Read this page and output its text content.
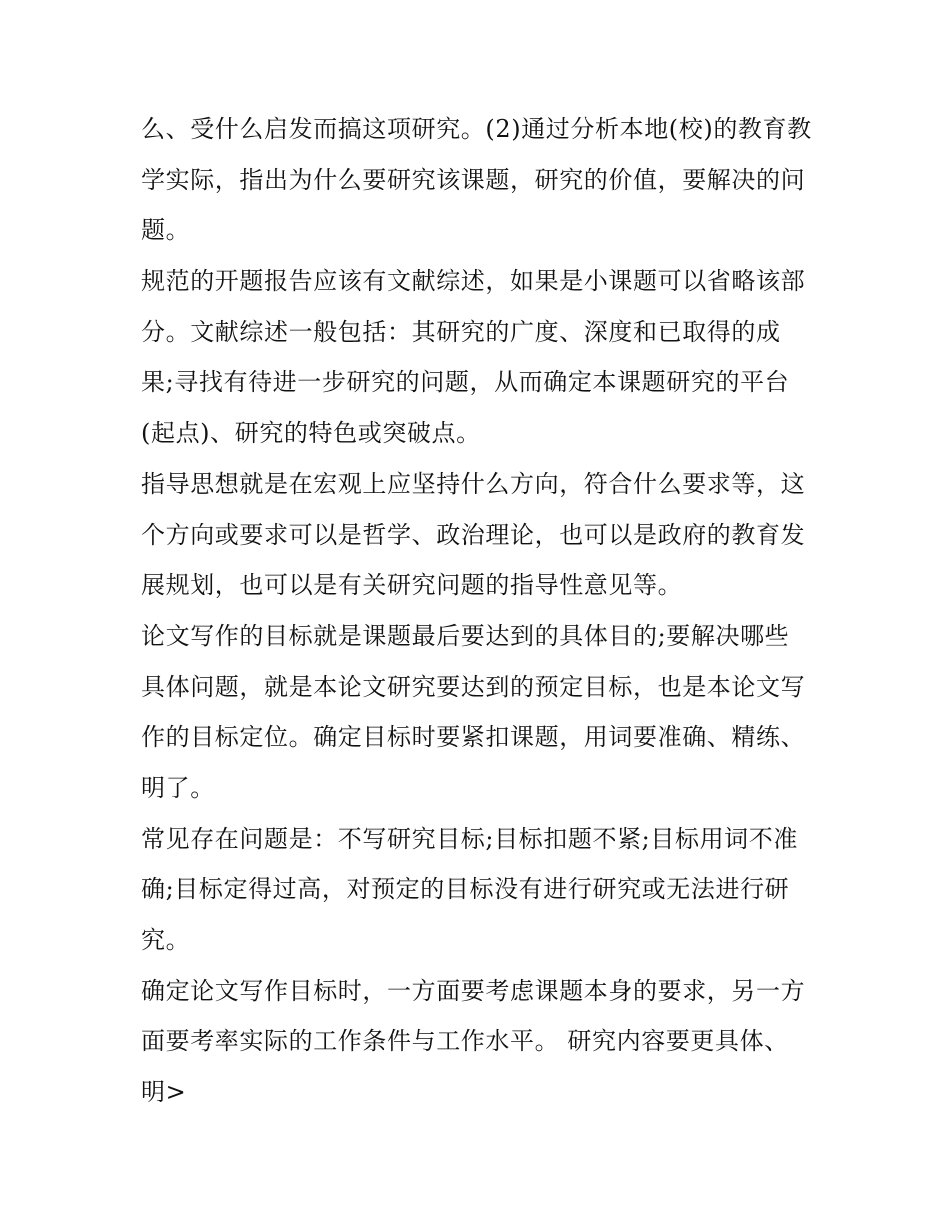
么、受什么启发而搞这项研究。(2)通过分析本地(校)的教育教
学实际，指出为什么要研究该课题，研究的价值，要解决的问
题。
规范的开题报告应该有文献综述，如果是小课题可以省略该部
分。文献综述一般包括：其研究的广度、深度和已取得的成
果;寻找有待进一步研究的问题，从而确定本课题研究的平台
(起点)、研究的特色或突破点。
指导思想就是在宏观上应坚持什么方向，符合什么要求等，这
个方向或要求可以是哲学、政治理论，也可以是政府的教育发
展规划，也可以是有关研究问题的指导性意见等。
论文写作的目标就是课题最后要达到的具体目的;要解决哪些
具体问题，就是本论文研究要达到的预定目标，也是本论文写
作的目标定位。确定目标时要紧扣课题，用词要准确、精练、
明了。
常见存在问题是：不写研究目标;目标扣题不紧;目标用词不准
确;目标定得过高，对预定的目标没有进行研究或无法进行研
究。
确定论文写作目标时，一方面要考虑课题本身的要求，另一方
面要考率实际的工作条件与工作水平。 研究内容要更具体、
明>
